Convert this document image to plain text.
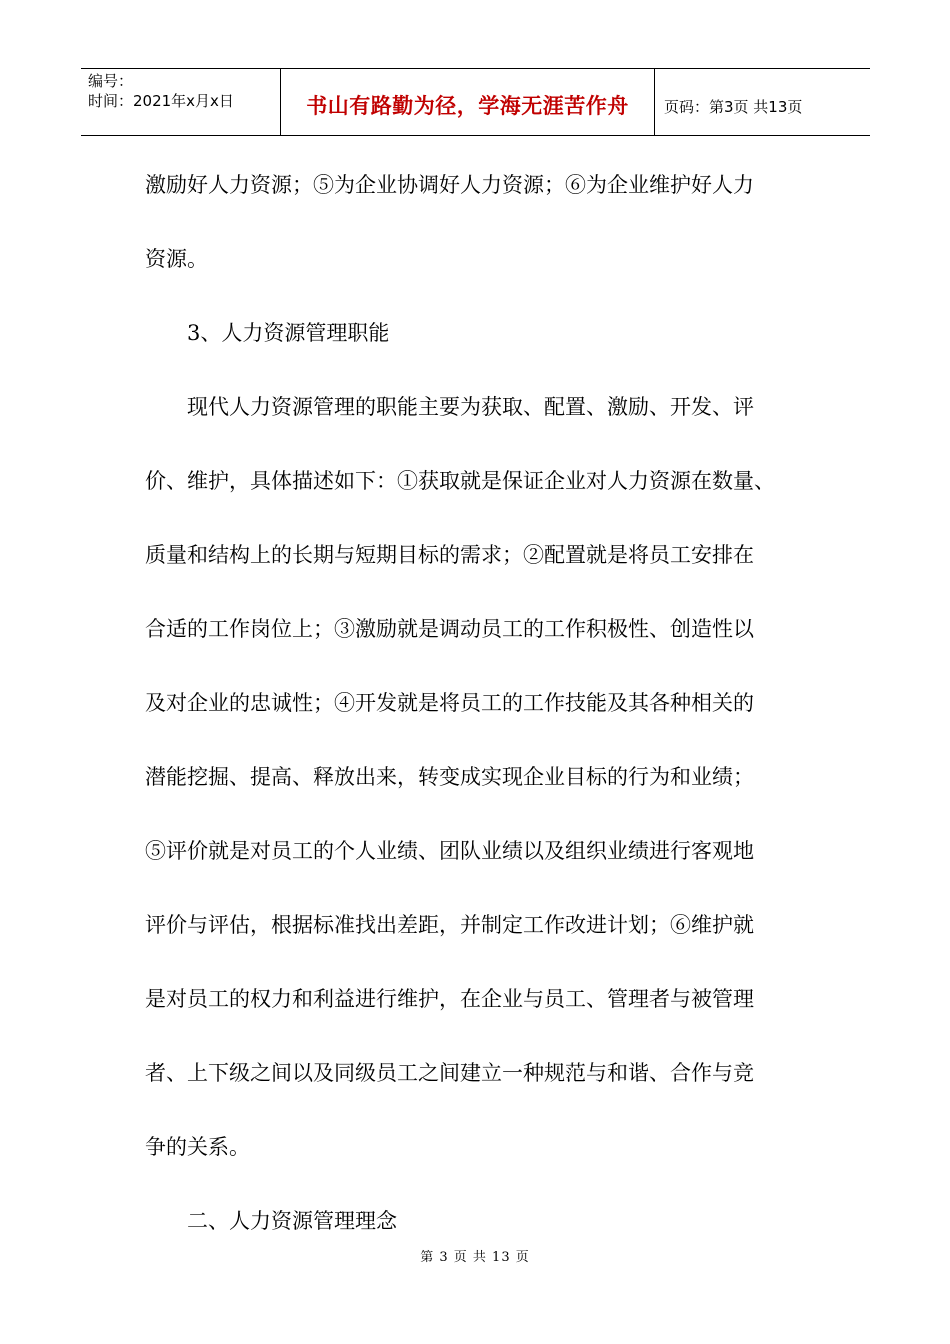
编号：
时间：2021年x月x日	书山有路勤为径，学海无涯苦作舟	页码：第3页 共13页
激励好人力资源；⑤为企业协调好人力资源；⑥为企业维护好人力
资源。
3、人力资源管理职能
现代人力资源管理的职能主要为获取、配置、激励、开发、评
价、维护，具体描述如下：①获取就是保证企业对人力资源在数量、
质量和结构上的长期与短期目标的需求；②配置就是将员工安排在
合适的工作岗位上；③激励就是调动员工的工作积极性、创造性以
及对企业的忠诚性；④开发就是将员工的工作技能及其各种相关的
潜能挖掘、提高、释放出来，转变成实现企业目标的行为和业绩；
⑤评价就是对员工的个人业绩、团队业绩以及组织业绩进行客观地
评价与评估，根据标准找出差距，并制定工作改进计划；⑥维护就
是对员工的权力和利益进行维护，在企业与员工、管理者与被管理
者、上下级之间以及同级员工之间建立一种规范与和谐、合作与竞
争的关系。
二、人力资源管理理念
第 3 页 共 13 页
